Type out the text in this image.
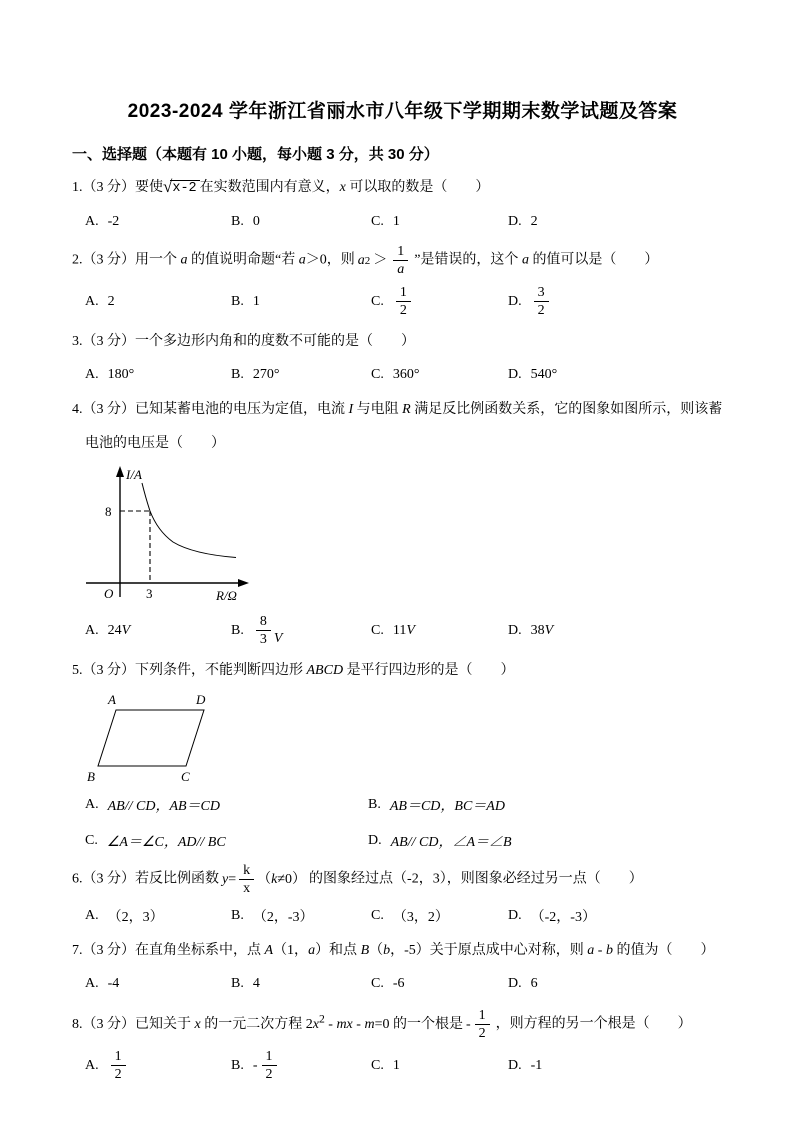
2023-2024 学年浙江省丽水市八年级下学期期末数学试题及答案
一、选择题（本题有 10 小题，每小题 3 分，共 30 分）
1.（3 分）要使√x-2 在实数范围内有意义，x 可以取的数是（　　）
A. -2	B. 0	C. 1	D. 2
2.（3 分）用一个 a 的值说明命题“若 a＞0，则 a $2 > \frac{1}{a}$ ”是错误的，这个 a 的值可以是（　　）
A. 2	B. 1	C. $\frac{1}{2}$	D. $\frac{3}{2}$
3.（3 分）一个多边形内角和的度数不可能的是（　　）
A. 180°	B. 270°	C. 360°	D. 540°
4.（3 分）已知某蓄电池的电压为定值，电流 I 与电阻 R 满足反比例函数关系，它的图象如图所示，则该蓄
电池的电压是（　　）
I/A
8
O	3	R/Ω
A. 24 V	B. $\frac{8}{3}$ V
C. 11 V	D. 38 V
5.（3 分）下列条件，不能判断四边形 ABCD 是平行四边形的是（　　）
A	D
B	C
A. AB// CD，AB＝CD	B. AB＝CD，BC＝AD
C. ∠A＝∠C，AD// BC	D. AB// CD，∠A＝∠B
6.（3 分）若反比例函数 $y = \frac{k}{x} (k\ne 0)$ 的图象经过点（-2，3），则图象必经过另一点（　　）
A. （2，3）	B. （2，-3）	C. （3，2）	D. （-2，-3）
7.（3 分）在直角坐标系中，点 A（1，a）和点 B（b，-5）关于原点成中心对称，则 a - b 的值为（　　）
A. -4	B. 4	C. -6	D. 6
8.（3 分）已知关于 x 的一元二次方程 $2x^2$ - mx - m=0 的一个根是 - $\frac{1}{2}$ ，则方程的另一个根是（　　）
A. $\frac{1}{2}$	B. - $\frac{1}{2}$	C. 1	D. -1
